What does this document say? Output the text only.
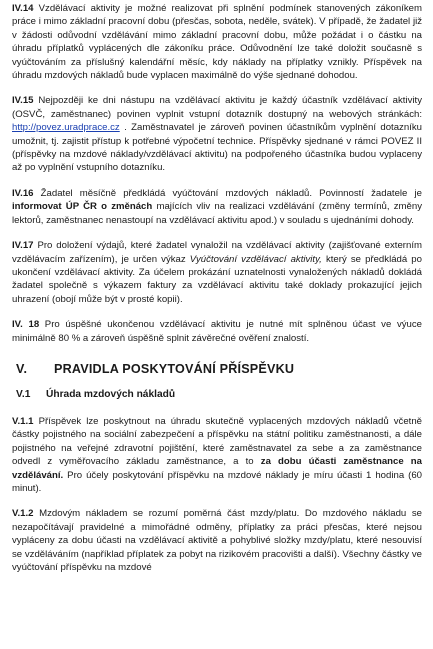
IV.14 Vzdělávací aktivity je možné realizovat při splnění podmínek stanovených zákoníkem práce i mimo základní pracovní dobu (přesčas, sobota, neděle, svátek). V případě, že žadatel již v žádosti odůvodní vzdělávání mimo základní pracovní dobu, může požádat i o částku na úhradu příplatků vyplácených dle zákoníku práce. Odůvodnění lze také doložit současně s vyúčtováním za příslušný kalendářní měsíc, kdy náklady na příplatky vznikly. Příspěvek na úhradu mzdových nákladů bude vyplacen maximálně do výše sjednané dohodou.

IV.15 Nejpozději ke dni nástupu na vzdělávací aktivitu je každý účastník vzdělávací aktivity (OSVČ, zaměstnanec) povinen vyplnit vstupní dotazník dostupný na webových stránkách: http://povez.uradprace.cz . Zaměstnavatel je zároveň povinen účastníkům vyplnění dotazníku umožnit, tj. zajistit přístup k potřebné výpočetní technice. Příspěvky sjednané v rámci POVEZ II (příspěvky na mzdové náklady/vzdělávací aktivitu) na podpořeného účastníka budou vyplaceny až po vyplnění vstupního dotazníku.

IV.16 Žadatel měsíčně předkládá vyúčtování mzdových nákladů. Povinností žadatele je informovat ÚP ČR o změnách majících vliv na realizaci vzdělávání (změny termínů, změny lektorů, zaměstnanec nenastoupí na vzdělávací aktivitu apod.) v souladu s ujednáními dohody.

IV.17 Pro doložení výdajů, které žadatel vynaložil na vzdělávací aktivity (zajišťované externím vzdělávacím zařízením), je určen výkaz Vyúčtování vzdělávací aktivity, který se předkládá po ukončení vzdělávací aktivity. Za účelem prokázání uznatelnosti vynaložených nákladů dokládá žadatel společně s výkazem faktury za vzdělávací aktivitu také doklady prokazující jejich uhrazení (obojí může být v prosté kopii).

IV. 18 Pro úspěšné ukončenou vzdělávací aktivitu je nutné mít splněnou účast ve výuce minimálně 80 % a zároveň úspěšně splnit závěrečné ověření znalostí.

V.	PRAVIDLA POSKYTOVÁNÍ PŘÍSPĚVKU
V.1	Úhrada mzdových nákladů

V.1.1 Příspěvek lze poskytnout na úhradu skutečně vyplacených mzdových nákladů včetně částky pojistného na sociální zabezpečení a příspěvku na státní politiku zaměstnanosti, a dále pojistného na veřejné zdravotní pojištění, které zaměstnavatel za sebe a za zaměstnance odvedl z vyměřovacího základu zaměstnance, a to za dobu účasti zaměstnance na vzdělávání. Pro účely poskytování příspěvku na mzdové náklady je míru účasti 1 hodina (60 minut).

V.1.2 Mzdovým nákladem se rozumí poměrná část mzdy/platu. Do mzdového nákladu se nezapočítávají pravidelné a mimořádné odměny, příplatky za práci přesčas, které nejsou vypláceny za dobu účasti na vzdělávací aktivitě a pohyblivé složky mzdy/platu, které nesouvisí se vzděláváním (například příplatek za pobyt na rizikovém pracovišti a další). Všechny částky ve vyúčtování příspěvku na mzdové
